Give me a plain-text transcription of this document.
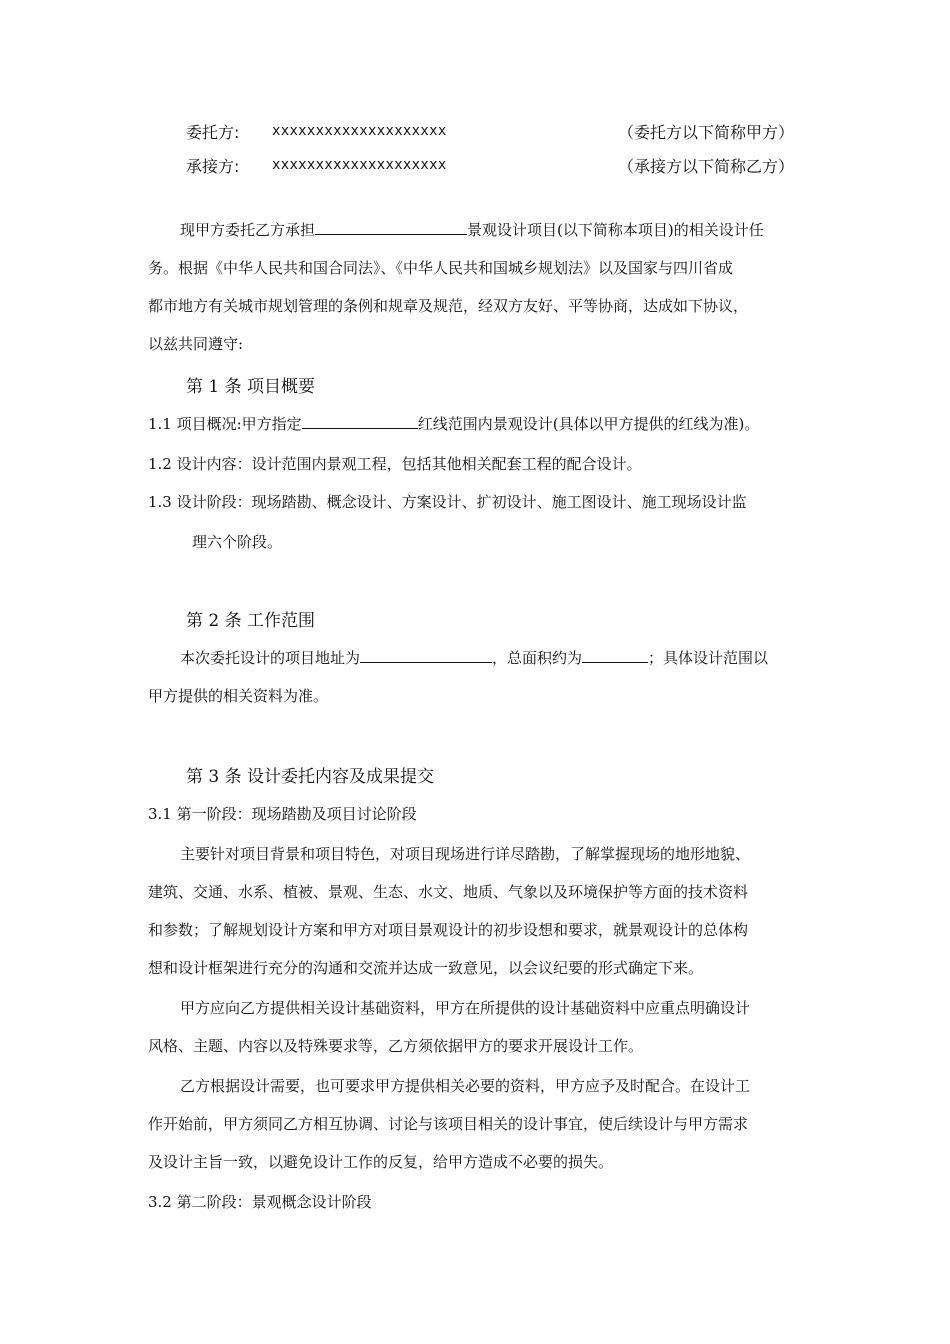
委托方: xxxxxxxxxxxxxxxxxxxx	（委托方以下简称甲方）
承接方: xxxxxxxxxxxxxxxxxxxx	（承接方以下简称乙方）
现甲方委托乙方承担	景观设计项目(以下简称本项目)的相关设计任
务。根据《中华人民共和国合同法》、《中华人民共和国城乡规划法》以及国家与四川省成
都市地方有关城市规划管理的条例和规章及规范，经双方友好、平等协商，达成如下协议，
以兹共同遵守:
第 1 条 项目概要
1.1 项目概况:甲方指定	红线范围内景观设计(具体以甲方提供的红线为准)。
1.2 设计内容：设计范围内景观工程，包括其他相关配套工程的配合设计。
1.3 设计阶段：现场踏勘、概念设计、方案设计、扩初设计、施工图设计、施工现场设计监
理六个阶段。
第 2 条 工作范围
本次委托设计的项目地址为	，总面积约为	；具体设计范围以
甲方提供的相关资料为准。
第 3 条 设计委托内容及成果提交
3.1 第一阶段：现场踏勘及项目讨论阶段
主要针对项目背景和项目特色，对项目现场进行详尽踏勘，了解掌握现场的地形地貌、
建筑、交通、水系、植被、景观、生态、水文、地质、气象以及环境保护等方面的技术资料
和参数；了解规划设计方案和甲方对项目景观设计的初步设想和要求，就景观设计的总体构
想和设计框架进行充分的沟通和交流并达成一致意见，以会议纪要的形式确定下来。
甲方应向乙方提供相关设计基础资料，甲方在所提供的设计基础资料中应重点明确设计
风格、主题、内容以及特殊要求等，乙方须依据甲方的要求开展设计工作。
乙方根据设计需要，也可要求甲方提供相关必要的资料，甲方应予及时配合。在设计工
作开始前，甲方须同乙方相互协调、讨论与该项目相关的设计事宜，使后续设计与甲方需求
及设计主旨一致，以避免设计工作的反复，给甲方造成不必要的损失。
3.2 第二阶段：景观概念设计阶段
